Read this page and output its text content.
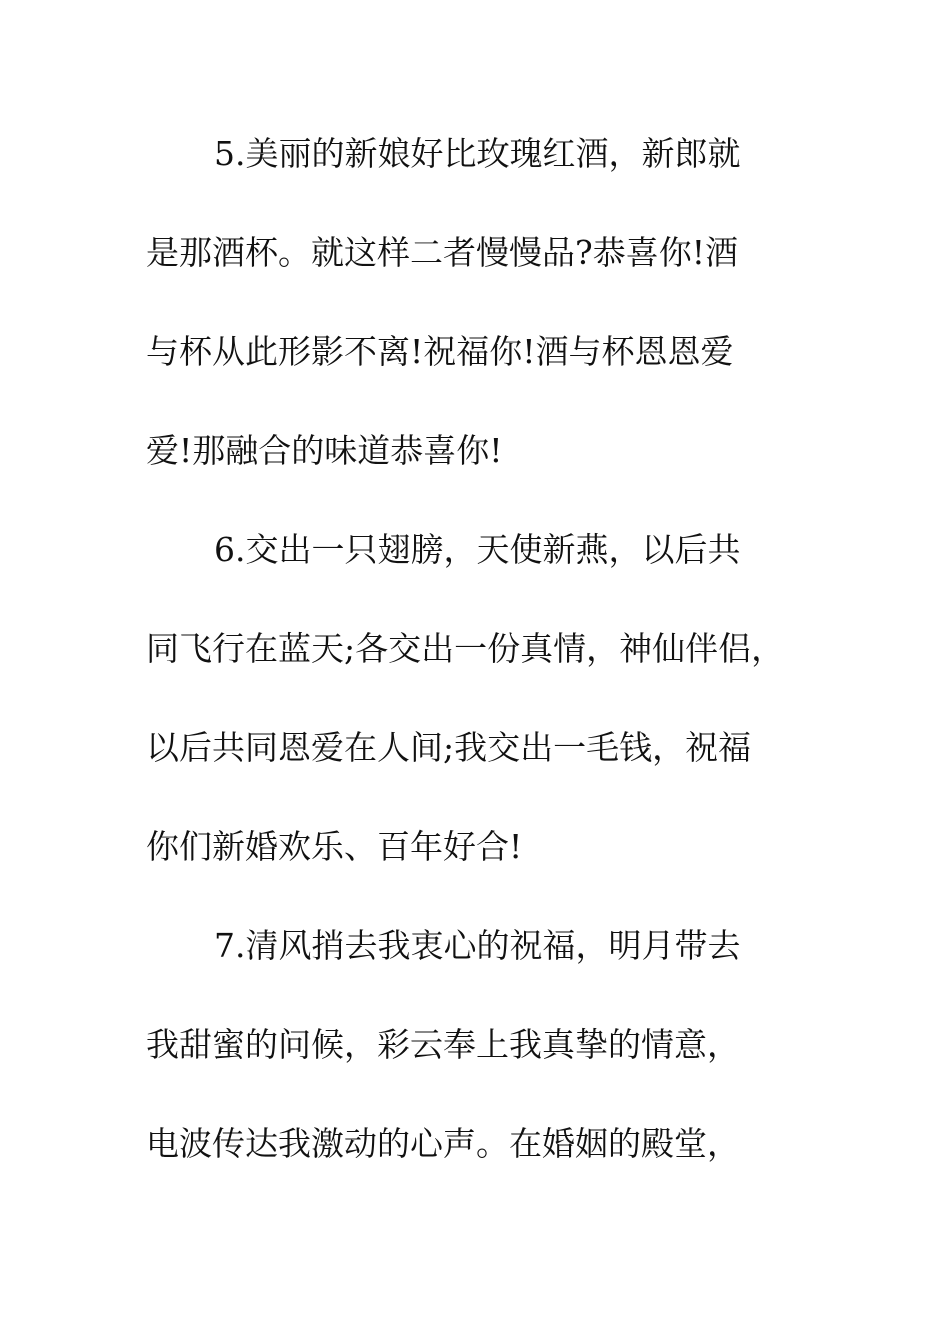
5.美丽的新娘好比玫瑰红酒，新郎就
是那酒杯。就这样二者慢慢品?恭喜你!酒
与杯从此形影不离!祝福你!酒与杯恩恩爱
爱!那融合的味道恭喜你!
6.交出一只翅膀，天使新燕，以后共
同飞行在蓝天;各交出一份真情，神仙伴侣，
以后共同恩爱在人间;我交出一毛钱，祝福
你们新婚欢乐、百年好合!
7.清风捎去我衷心的祝福，明月带去
我甜蜜的问候，彩云奉上我真挚的情意，
电波传达我激动的心声。在婚姻的殿堂，
